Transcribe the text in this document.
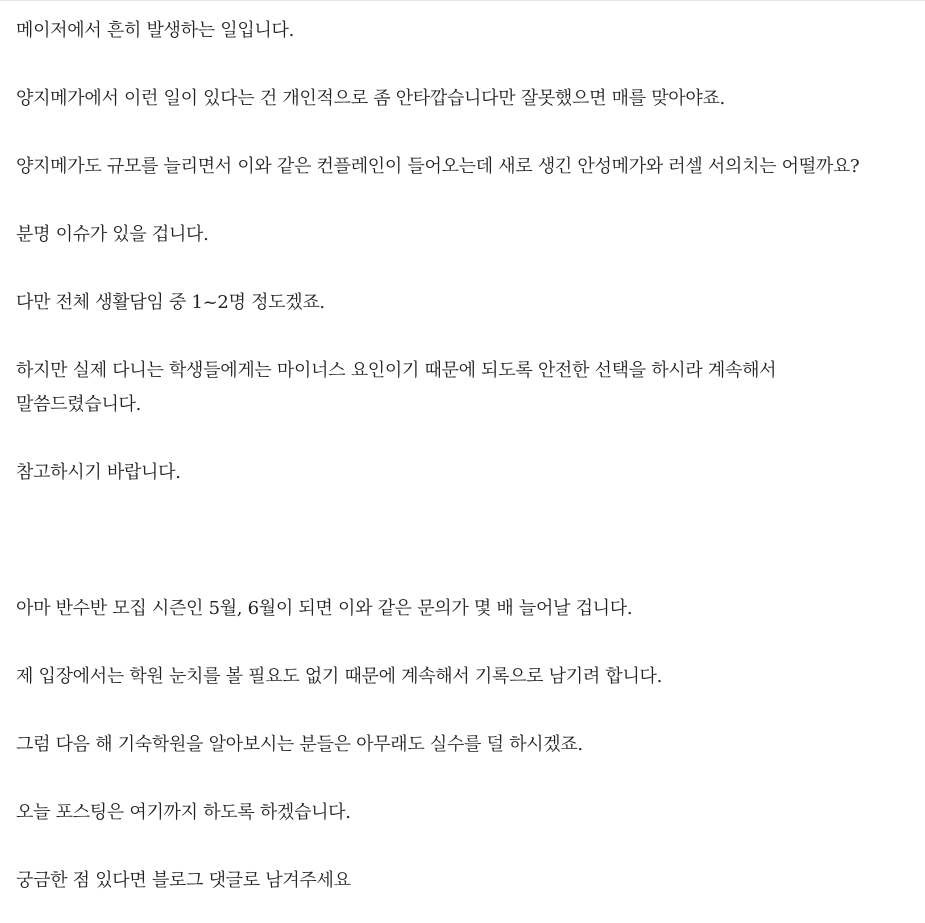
메이저에서 흔히 발생하는 일입니다.

양지메가에서 이런 일이 있다는 건 개인적으로 좀 안타깝습니다만 잘못했으면 매를 맞아야죠.

양지메가도 규모를 늘리면서 이와 같은 컨플레인이 들어오는데 새로 생긴 안성메가와 러셀 서의치는 어떨까요?

분명 이슈가 있을 겁니다.

다만 전체 생활담임 중 1~2명 정도겠죠.

하지만 실제 다니는 학생들에게는 마이너스 요인이기 때문에 되도록 안전한 선택을 하시라 계속해서 말씀드렸습니다.

참고하시기 바랍니다.

아마 반수반 모집 시즌인 5월, 6월이 되면 이와 같은 문의가 몇 배 늘어날 겁니다.

제 입장에서는 학원 눈치를 볼 필요도 없기 때문에 계속해서 기록으로 남기려 합니다.

그럼 다음 해 기숙학원을 알아보시는 분들은 아무래도 실수를 덜 하시겠죠.

오늘 포스팅은 여기까지 하도록 하겠습니다.

궁금한 점 있다면 블로그 댓글로 남겨주세요
